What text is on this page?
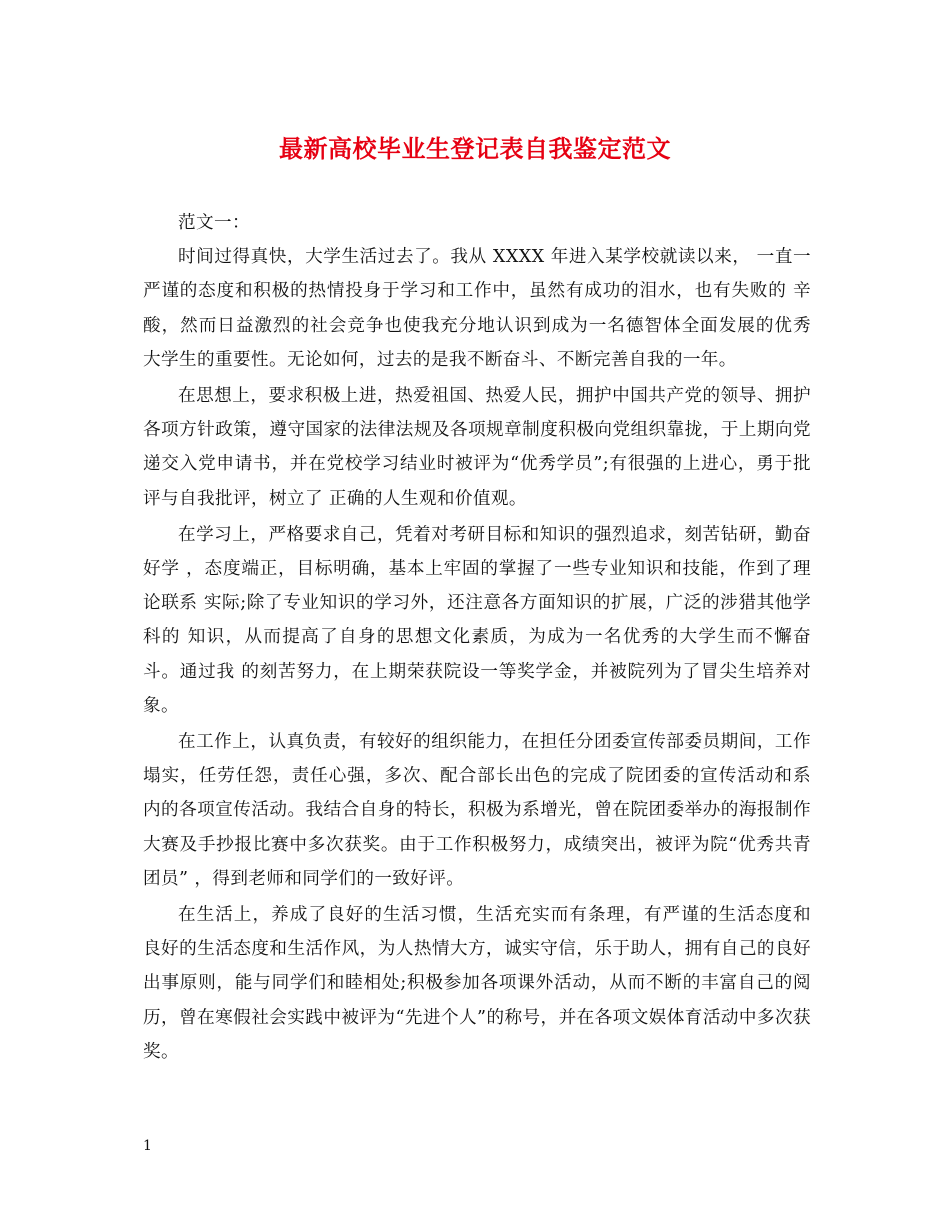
最新高校毕业生登记表自我鉴定范文

范文一：

时间过得真快，大学生活过去了。我从 XXXX 年进入某学校就读以来， 一直一严谨的态度和积极的热情投身于学习和工作中，虽然有成功的泪水，也有失败的 辛酸，然而日益激烈的社会竞争也使我充分地认识到成为一名德智体全面发展的优秀 大学生的重要性。无论如何，过去的是我不断奋斗、不断完善自我的一年。

在思想上，要求积极上进，热爱祖国、热爱人民，拥护中国共产党的领导、拥护 各项方针政策，遵守国家的法律法规及各项规章制度积极向党组织靠拢，于上期向党递交入党申请书，并在党校学习结业时被评为“优秀学员”;有很强的上进心，勇于批评与自我批评，树立了 正确的人生观和价值观。

在学习上，严格要求自己，凭着对考研目标和知识的强烈追求，刻苦钻研，勤奋好学 ，态度端正，目标明确，基本上牢固的掌握了一些专业知识和技能，作到了理论联系 实际;除了专业知识的学习外，还注意各方面知识的扩展，广泛的涉猎其他学科的 知识，从而提高了自身的思想文化素质，为成为一名优秀的大学生而不懈奋斗。通过我 的刻苦努力，在上期荣获院设一等奖学金，并被院列为了冒尖生培养对象。

在工作上，认真负责，有较好的组织能力，在担任分团委宣传部委员期间，工作 塌实，任劳任怨，责任心强，多次、配合部长出色的完成了院团委的宣传活动和系 内的各项宣传活动。我结合自身的特长，积极为系增光，曾在院团委举办的海报制作 大赛及手抄报比赛中多次获奖。由于工作积极努力，成绩突出，被评为院“优秀共青团员” ，得到老师和同学们的一致好评。

在生活上，养成了良好的生活习惯，生活充实而有条理，有严谨的生活态度和 良好的生活态度和生活作风，为人热情大方，诚实守信，乐于助人，拥有自己的良好 出事原则，能与同学们和睦相处;积极参加各项课外活动，从而不断的丰富自己的阅历，曾在寒假社会实践中被评为“先进个人”的称号，并在各项文娱体育活动中多次获奖。

1
